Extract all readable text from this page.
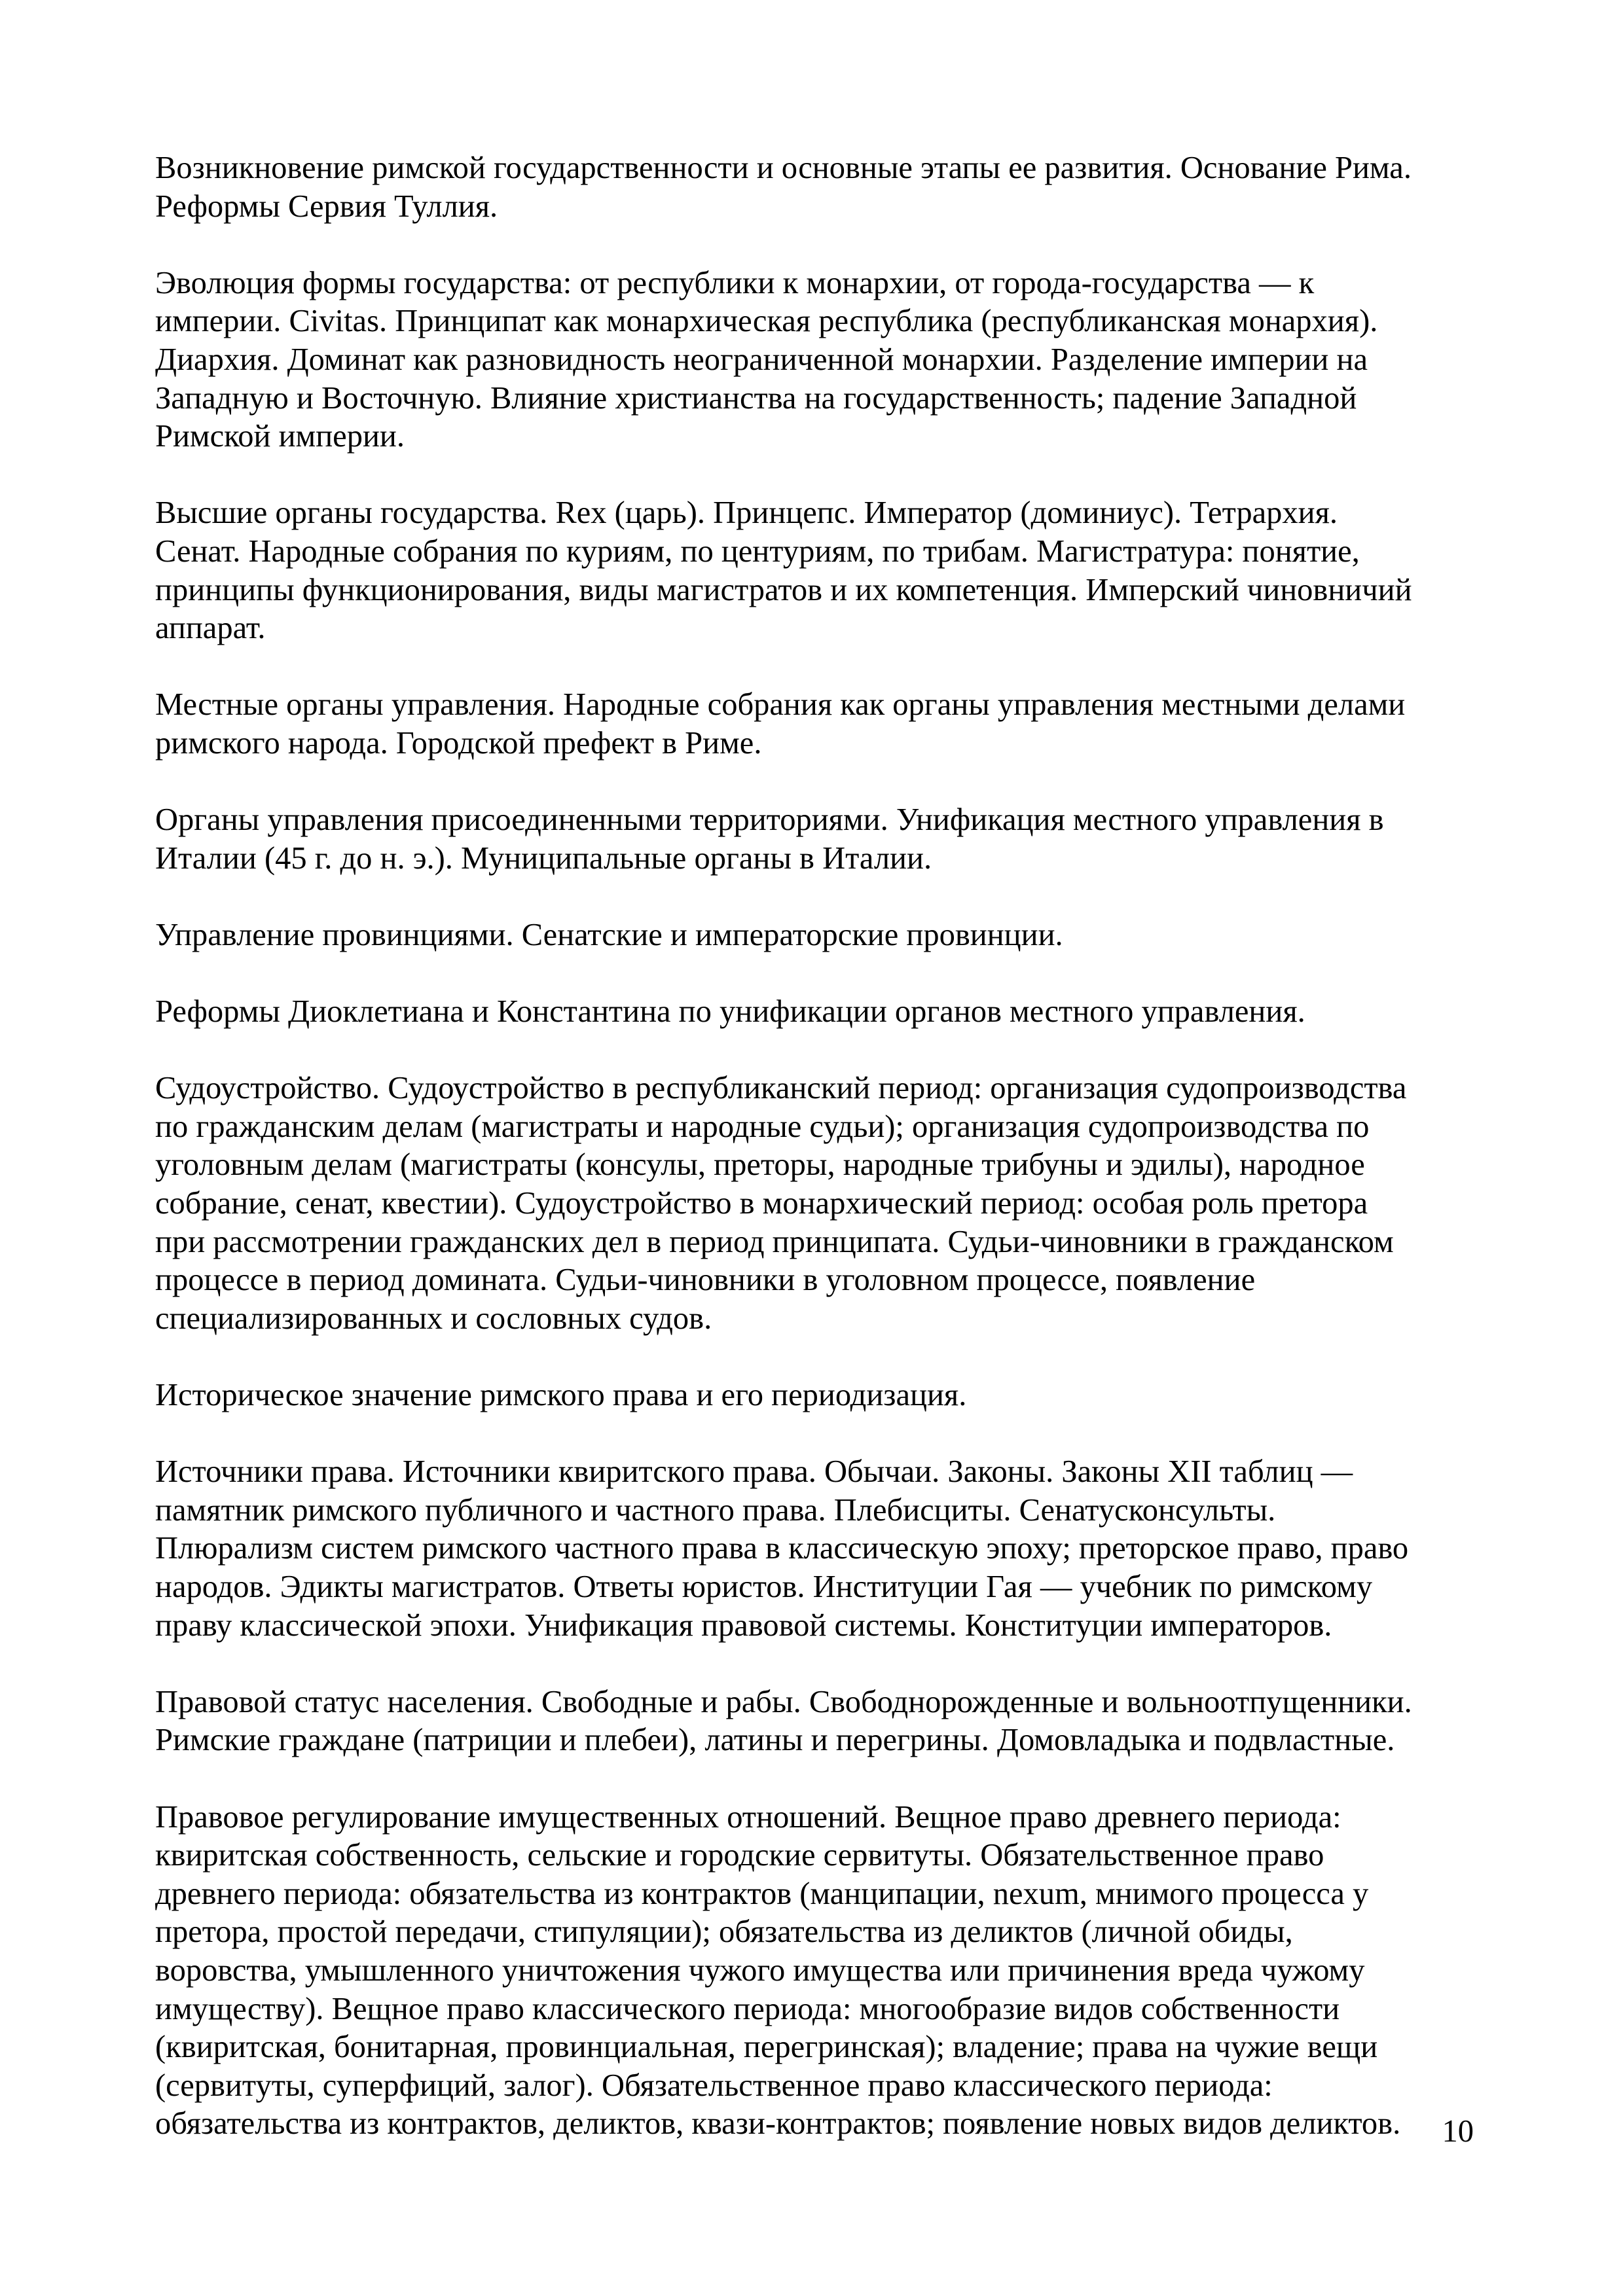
Возникновение римской государственности и основные этапы ее развития. Основание Рима.
Реформы Сервия Туллия.

Эволюция формы государства: от республики к монархии, от города-государства — к
империи. Civitas. Принципат как монархическая республика (республиканская монархия).
Диархия. Доминат как разновидность неограниченной монархии. Разделение империи на
Западную и Восточную. Влияние христианства на государственность; падение Западной
Римской империи.

Высшие органы государства. Rex (царь). Принцепс. Император (доминиус). Тетрархия.
Сенат. Народные собрания по куриям, по центуриям, по трибам. Магистратура: понятие,
принципы функционирования, виды магистратов и их компетенция. Имперский чиновничий
аппарат.

Местные органы управления. Народные собрания как органы управления местными делами
римского народа. Городской префект в Риме.

Органы управления присоединенными территориями. Унификация местного управления в
Италии (45 г. до н. э.). Муниципальные органы в Италии.

Управление провинциями. Сенатские и императорские провинции.

Реформы Диоклетиана и Константина по унификации органов местного управления.

Судоустройство. Судоустройство в республиканский период: организация судопроизводства
по гражданским делам (магистраты и народные судьи); организация судопроизводства по
уголовным делам (магистраты (консулы, преторы, народные трибуны и эдилы), народное
собрание, сенат, квестии). Судоустройство в монархический период: особая роль претора
при рассмотрении гражданских дел в период принципата. Судьи-чиновники в гражданском
процессе в период домината. Судьи-чиновники в уголовном процессе, появление
специализированных и сословных судов.

Историческое значение римского права и его периодизация.

Источники права. Источники квиритского права. Обычаи. Законы. Законы XII таблиц —
памятник римского публичного и частного права. Плебисциты. Сенатусконсульты.
Плюрализм систем римского частного права в классическую эпоху; преторское право, право
народов. Эдикты магистратов. Ответы юристов. Институции Гая — учебник по римскому
праву классической эпохи. Унификация правовой системы. Конституции императоров.

Правовой статус населения. Свободные и рабы. Свободнорожденные и вольноотпущенники.
Римские граждане (патриции и плебеи), латины и перегрины. Домовладыка и подвластные.

Правовое регулирование имущественных отношений. Вещное право древнего периода:
квиритская собственность, сельские и городские сервитуты. Обязательственное право
древнего периода: обязательства из контрактов (манципации, nexum, мнимого процесса у
претора, простой передачи, стипуляции); обязательства из деликтов (личной обиды,
воровства, умышленного уничтожения чужого имущества или причинения вреда чужому
имуществу). Вещное право классического периода: многообразие видов собственности
(квиритская, бонитарная, провинциальная, перегринская); владение; права на чужие вещи
(сервитуты, суперфиций, залог). Обязательственное право классического периода:
обязательства из контрактов, деликтов, квази-контрактов; появление новых видов деликтов.	10
